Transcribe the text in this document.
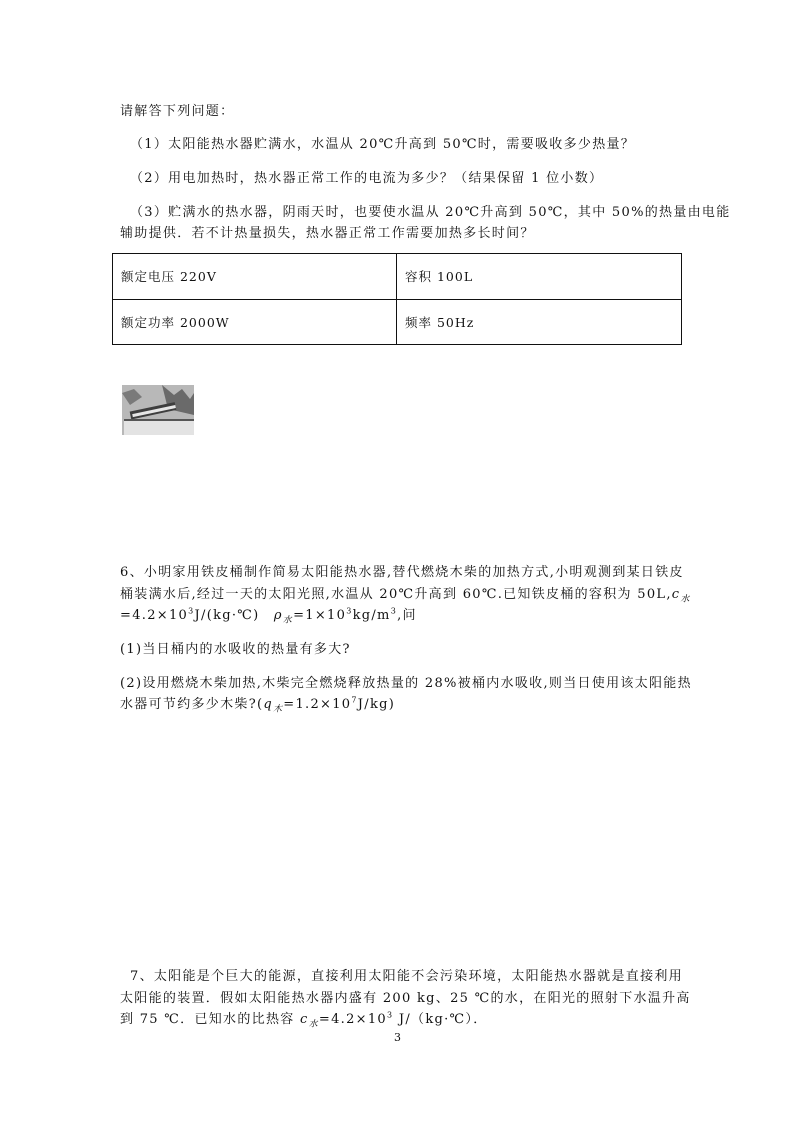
请解答下列问题：
（1）太阳能热水器贮满水，水温从 20℃升高到 50℃时，需要吸收多少热量？
（2）用电加热时，热水器正常工作的电流为多少？（结果保留 1 位小数）
（3）贮满水的热水器，阴雨天时，也要使水温从 20℃升高到 50℃，其中 50%的热量由电能
辅助提供．若不计热量损失，热水器正常工作需要加热多长时间？
额定电压 220V	容积 100L
额定功率 2000W	频率 50Hz
6、小明家用铁皮桶制作简易太阳能热水器,替代燃烧木柴的加热方式,小明观测到某日铁皮
桶装满水后,经过一天的太阳光照,水温从 20℃升高到 60℃.已知铁皮桶的容积为 $50L,c_水$
$=4.2\times 10^3J/(kg\cdot℃)$　$\rho_水=1\times 10^3kg/m^3$,问
(1)当日桶内的水吸收的热量有多大?
(2)设用燃烧木柴加热,木柴完全燃烧释放热量的 28%被桶内水吸收,则当日使用该太阳能热
水器可节约多少木柴$?(q_木=1.2\times 10^7J/kg)$
7、太阳能是个巨大的能源，直接利用太阳能不会污染环境，太阳能热水器就是直接利用
太阳能的装置．假如太阳能热水器内盛有 200 kg、25 ℃的水，在阳光的照射下水温升高
到 75 ℃．已知水的比热容 $c_水=4.2\times 10^3$ J/（kg·℃）．
3
